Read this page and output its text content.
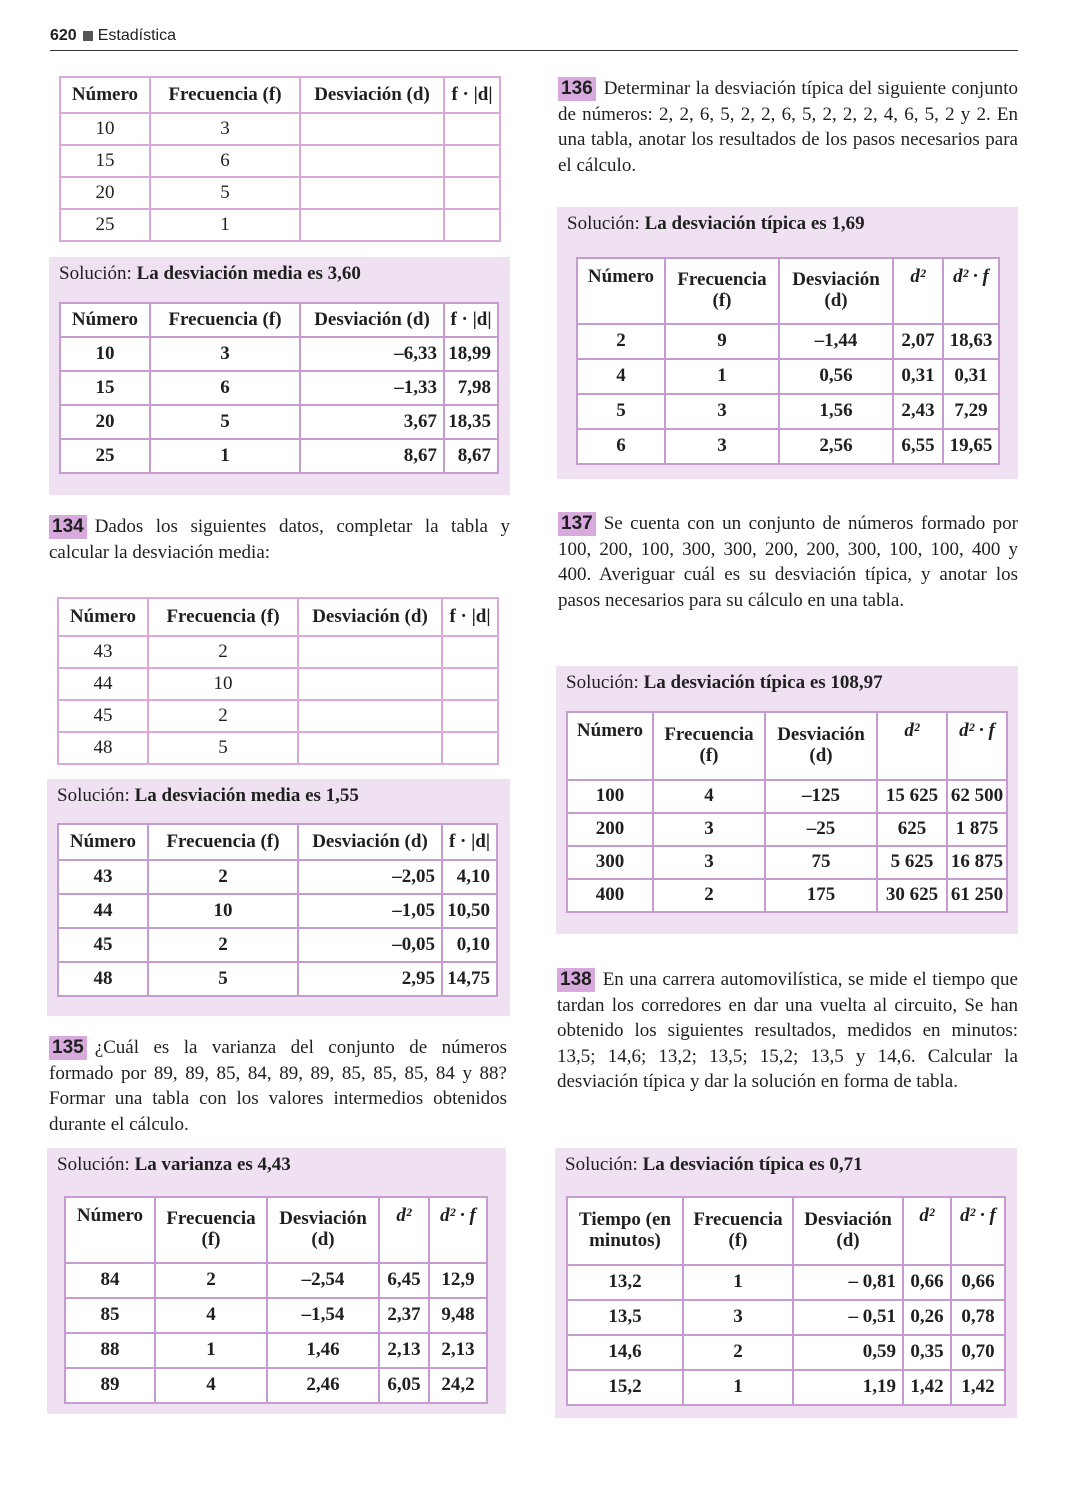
620 Estadística
Número	Frecuencia (f)	Desviación (d)	f · |d|
10	3		
15	6		
20	5		
25	1		
Solución: La desviación media es 3,60
Número	Frecuencia (f)	Desviación (d)	f · |d|
10	3	–6,33	18,99
15	6	–1,33	7,98
20	5	3,67	18,35
25	1	8,67	8,67
134 Dados los siguientes datos, completar la tabla y calcular la desviación media:
Número	Frecuencia (f)	Desviación (d)	f · |d|
43	2		
44	10		
45	2		
48	5		
Solución: La desviación media es 1,55
Número	Frecuencia (f)	Desviación (d)	f · |d|
43	2	–2,05	4,10
44	10	–1,05	10,50
45	2	–0,05	0,10
48	5	2,95	14,75
135 ¿Cuál es la varianza del conjunto de números formado por 89, 89, 85, 84, 89, 89, 85, 85, 85, 84 y 88? Formar una tabla con los valores intermedios obtenidos durante el cálculo.
Solución: La varianza es 4,43
Número	Frecuencia (f)	Desviación (d)	d²	d² · f
84	2	–2,54	6,45	12,9
85	4	–1,54	2,37	9,48
88	1	1,46	2,13	2,13
89	4	2,46	6,05	24,2
136 Determinar la desviación típica del siguiente conjunto de números: 2, 2, 6, 5, 2, 2, 6, 5, 2, 2, 2, 4, 6, 5, 2 y 2. En una tabla, anotar los resultados de los pasos necesarios para el cálculo.
Solución: La desviación típica es 1,69
Número	Frecuencia (f)	Desviación (d)	d²	d² · f
2	9	–1,44	2,07	18,63
4	1	0,56	0,31	0,31
5	3	1,56	2,43	7,29
6	3	2,56	6,55	19,65
137 Se cuenta con un conjunto de números formado por 100, 200, 100, 300, 300, 200, 200, 300, 100, 100, 400 y 400. Averiguar cuál es su desviación típica, y anotar los pasos necesarios para su cálculo en una tabla.
Solución: La desviación típica es 108,97
Número	Frecuencia (f)	Desviación (d)	d²	d² · f
100	4	–125	15 625	62 500
200	3	–25	625	1 875
300	3	75	5 625	16 875
400	2	175	30 625	61 250
138 En una carrera automovilística, se mide el tiempo que tardan los corredores en dar una vuelta al circuito, Se han obtenido los siguientes resultados, medidos en minutos: 13,5; 14,6; 13,2; 13,5; 15,2; 13,5 y 14,6. Calcular la desviación típica y dar la solución en forma de tabla.
Solución: La desviación típica es 0,71
Tiempo (en minutos)	Frecuencia (f)	Desviación (d)	d²	d² · f
13,2	1	– 0,81	0,66	0,66
13,5	3	– 0,51	0,26	0,78
14,6	2	0,59	0,35	0,70
15,2	1	1,19	1,42	1,42
